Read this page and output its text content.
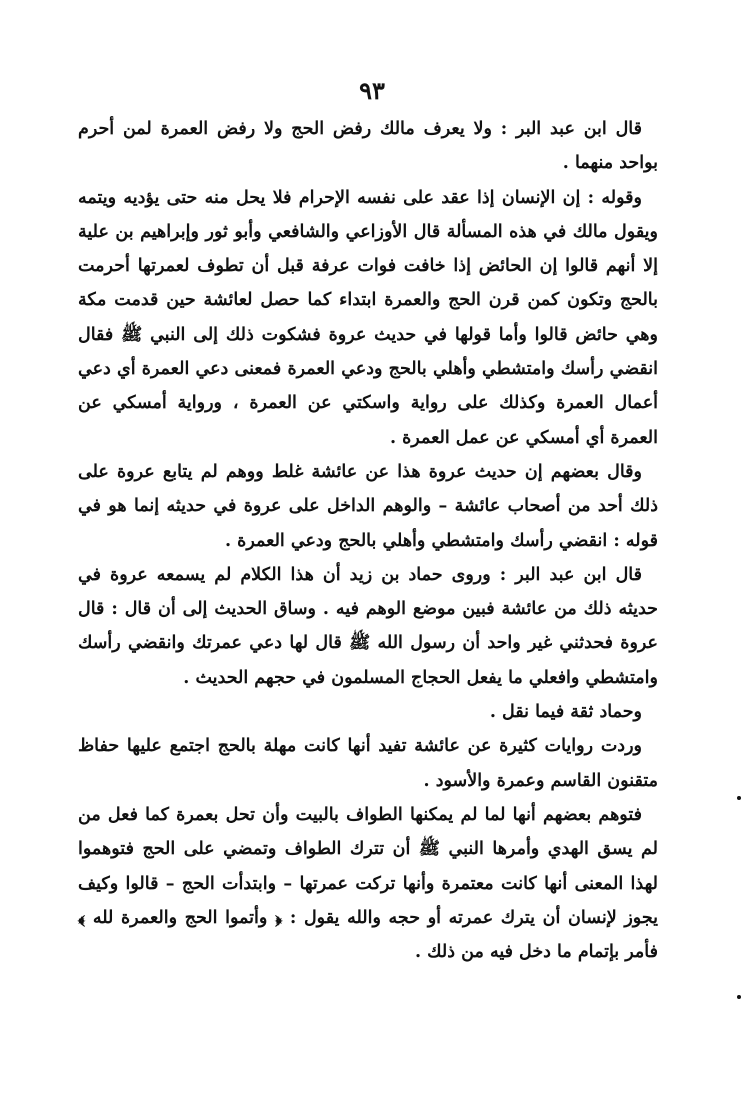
٩٣

قال ابن عبد البر : ولا يعرف مالك رفض الحج ولا رفض العمرة لمن أحرم بواحد منهما .

وقوله : إن الإنسان إذا عقد على نفسه الإحرام فلا يحل منه حتى يؤديه ويتمه ويقول مالك في هذه المسألة قال الأوزاعي والشافعي وأبو ثور وإبراهيم بن علية إلا أنهم قالوا إن الحائض إذا خافت فوات عرفة قبل أن تطوف لعمرتها أحرمت بالحج وتكون كمن قرن الحج والعمرة ابتداء كما حصل لعائشة حين قدمت مكة وهي حائض قالوا وأما قولها في حديث عروة فشكوت ذلك إلى النبي ﷺ فقال انقضي رأسك وامتشطي وأهلي بالحج ودعي العمرة فمعنى دعي العمرة أي دعي أعمال العمرة وكذلك على رواية واسكتي عن العمرة ، ورواية أمسكي عن العمرة أي أمسكي عن عمل العمرة .

وقال بعضهم إن حديث عروة هذا عن عائشة غلط ووهم لم يتابع عروة على ذلك أحد من أصحاب عائشة – والوهم الداخل على عروة في حديثه إنما هو في قوله : انقضي رأسك وامتشطي وأهلي بالحج ودعي العمرة .

قال ابن عبد البر : وروى حماد بن زيد أن هذا الكلام لم يسمعه عروة في حديثه ذلك من عائشة فبين موضع الوهم فيه . وساق الحديث إلى أن قال : قال عروة فحدثني غير واحد أن رسول الله ﷺ قال لها دعي عمرتك وانقضي رأسك وامتشطي وافعلي ما يفعل الحجاج المسلمون في حجهم الحديث .

وحماد ثقة فيما نقل .

وردت روايات كثيرة عن عائشة تفيد أنها كانت مهلة بالحج اجتمع عليها حفاظ متقنون القاسم وعمرة والأسود .

فتوهم بعضهم أنها لما لم يمكنها الطواف بالبيت وأن تحل بعمرة كما فعل من لم يسق الهدي وأمرها النبي ﷺ أن تترك الطواف وتمضي على الحج فتوهموا لهذا المعنى أنها كانت معتمرة وأنها تركت عمرتها – وابتدأت الحج – قالوا وكيف يجوز لإنسان أن يترك عمرته أو حجه والله يقول : ﴿ وأتموا الحج والعمرة لله ﴾ فأمر بإتمام ما دخل فيه من ذلك .
